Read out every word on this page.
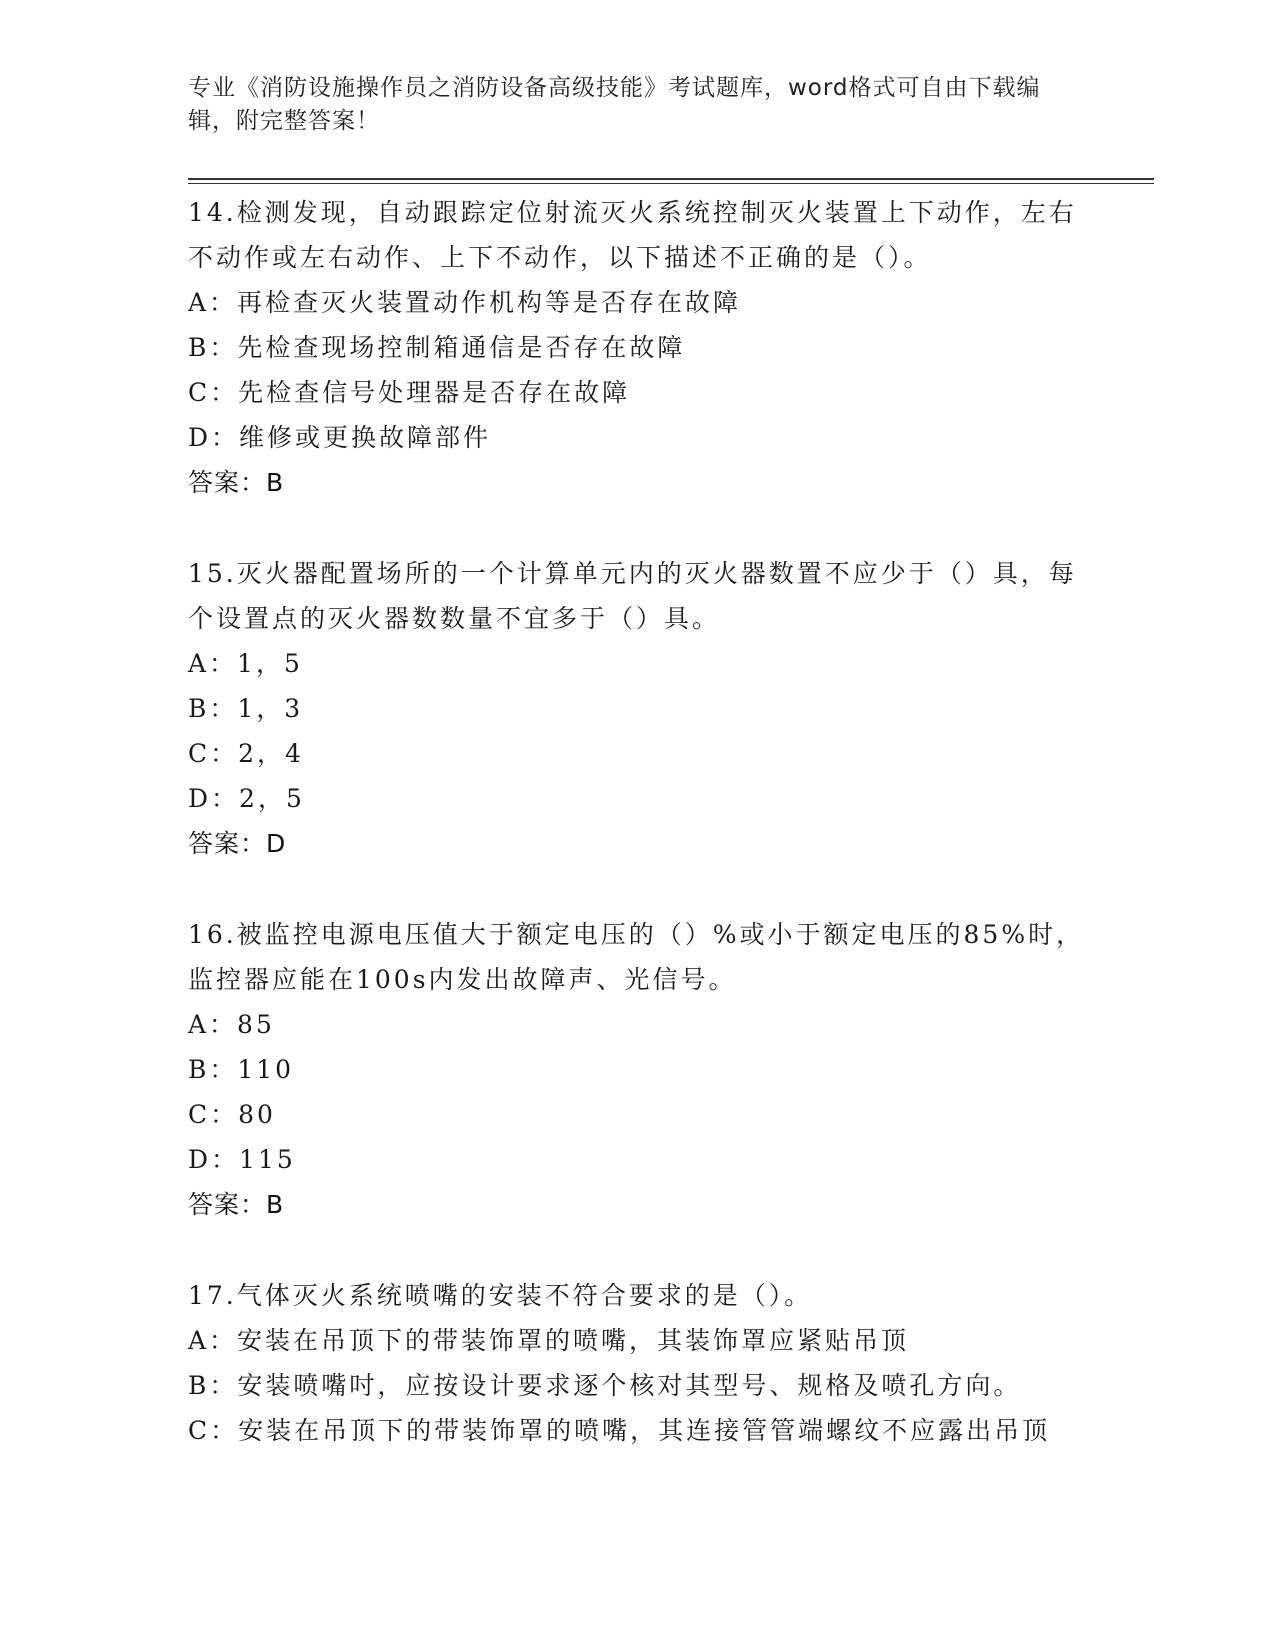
专业《消防设施操作员之消防设备高级技能》考试题库，word格式可自由下载编辑，附完整答案！

14.检测发现，自动跟踪定位射流灭火系统控制灭火装置上下动作，左右不动作或左右动作、上下不动作，以下描述不正确的是（）。

A：再检查灭火装置动作机构等是否存在故障

B：先检查现场控制箱通信是否存在故障

C：先检查信号处理器是否存在故障

D：维修或更换故障部件

答案：B

15.灭火器配置场所的一个计算单元内的灭火器数置不应少于（）具，每个设置点的灭火器数数量不宜多于（）具。

A：1，5

B：1，3

C：2，4

D：2，5

答案：D

16.被监控电源电压值大于额定电压的（）%或小于额定电压的85%时，监控器应能在100s内发出故障声、光信号。

A：85

B：110

C：80

D：115

答案：B

17.气体灭火系统喷嘴的安装不符合要求的是（）。

A：安装在吊顶下的带装饰罩的喷嘴，其装饰罩应紧贴吊顶

B：安装喷嘴吋，应按设计要求逐个核对其型号、规格及喷孔方向。

C：安装在吊顶下的带装饰罩的喷嘴，其连接管管端螺纹不应露出吊顶
